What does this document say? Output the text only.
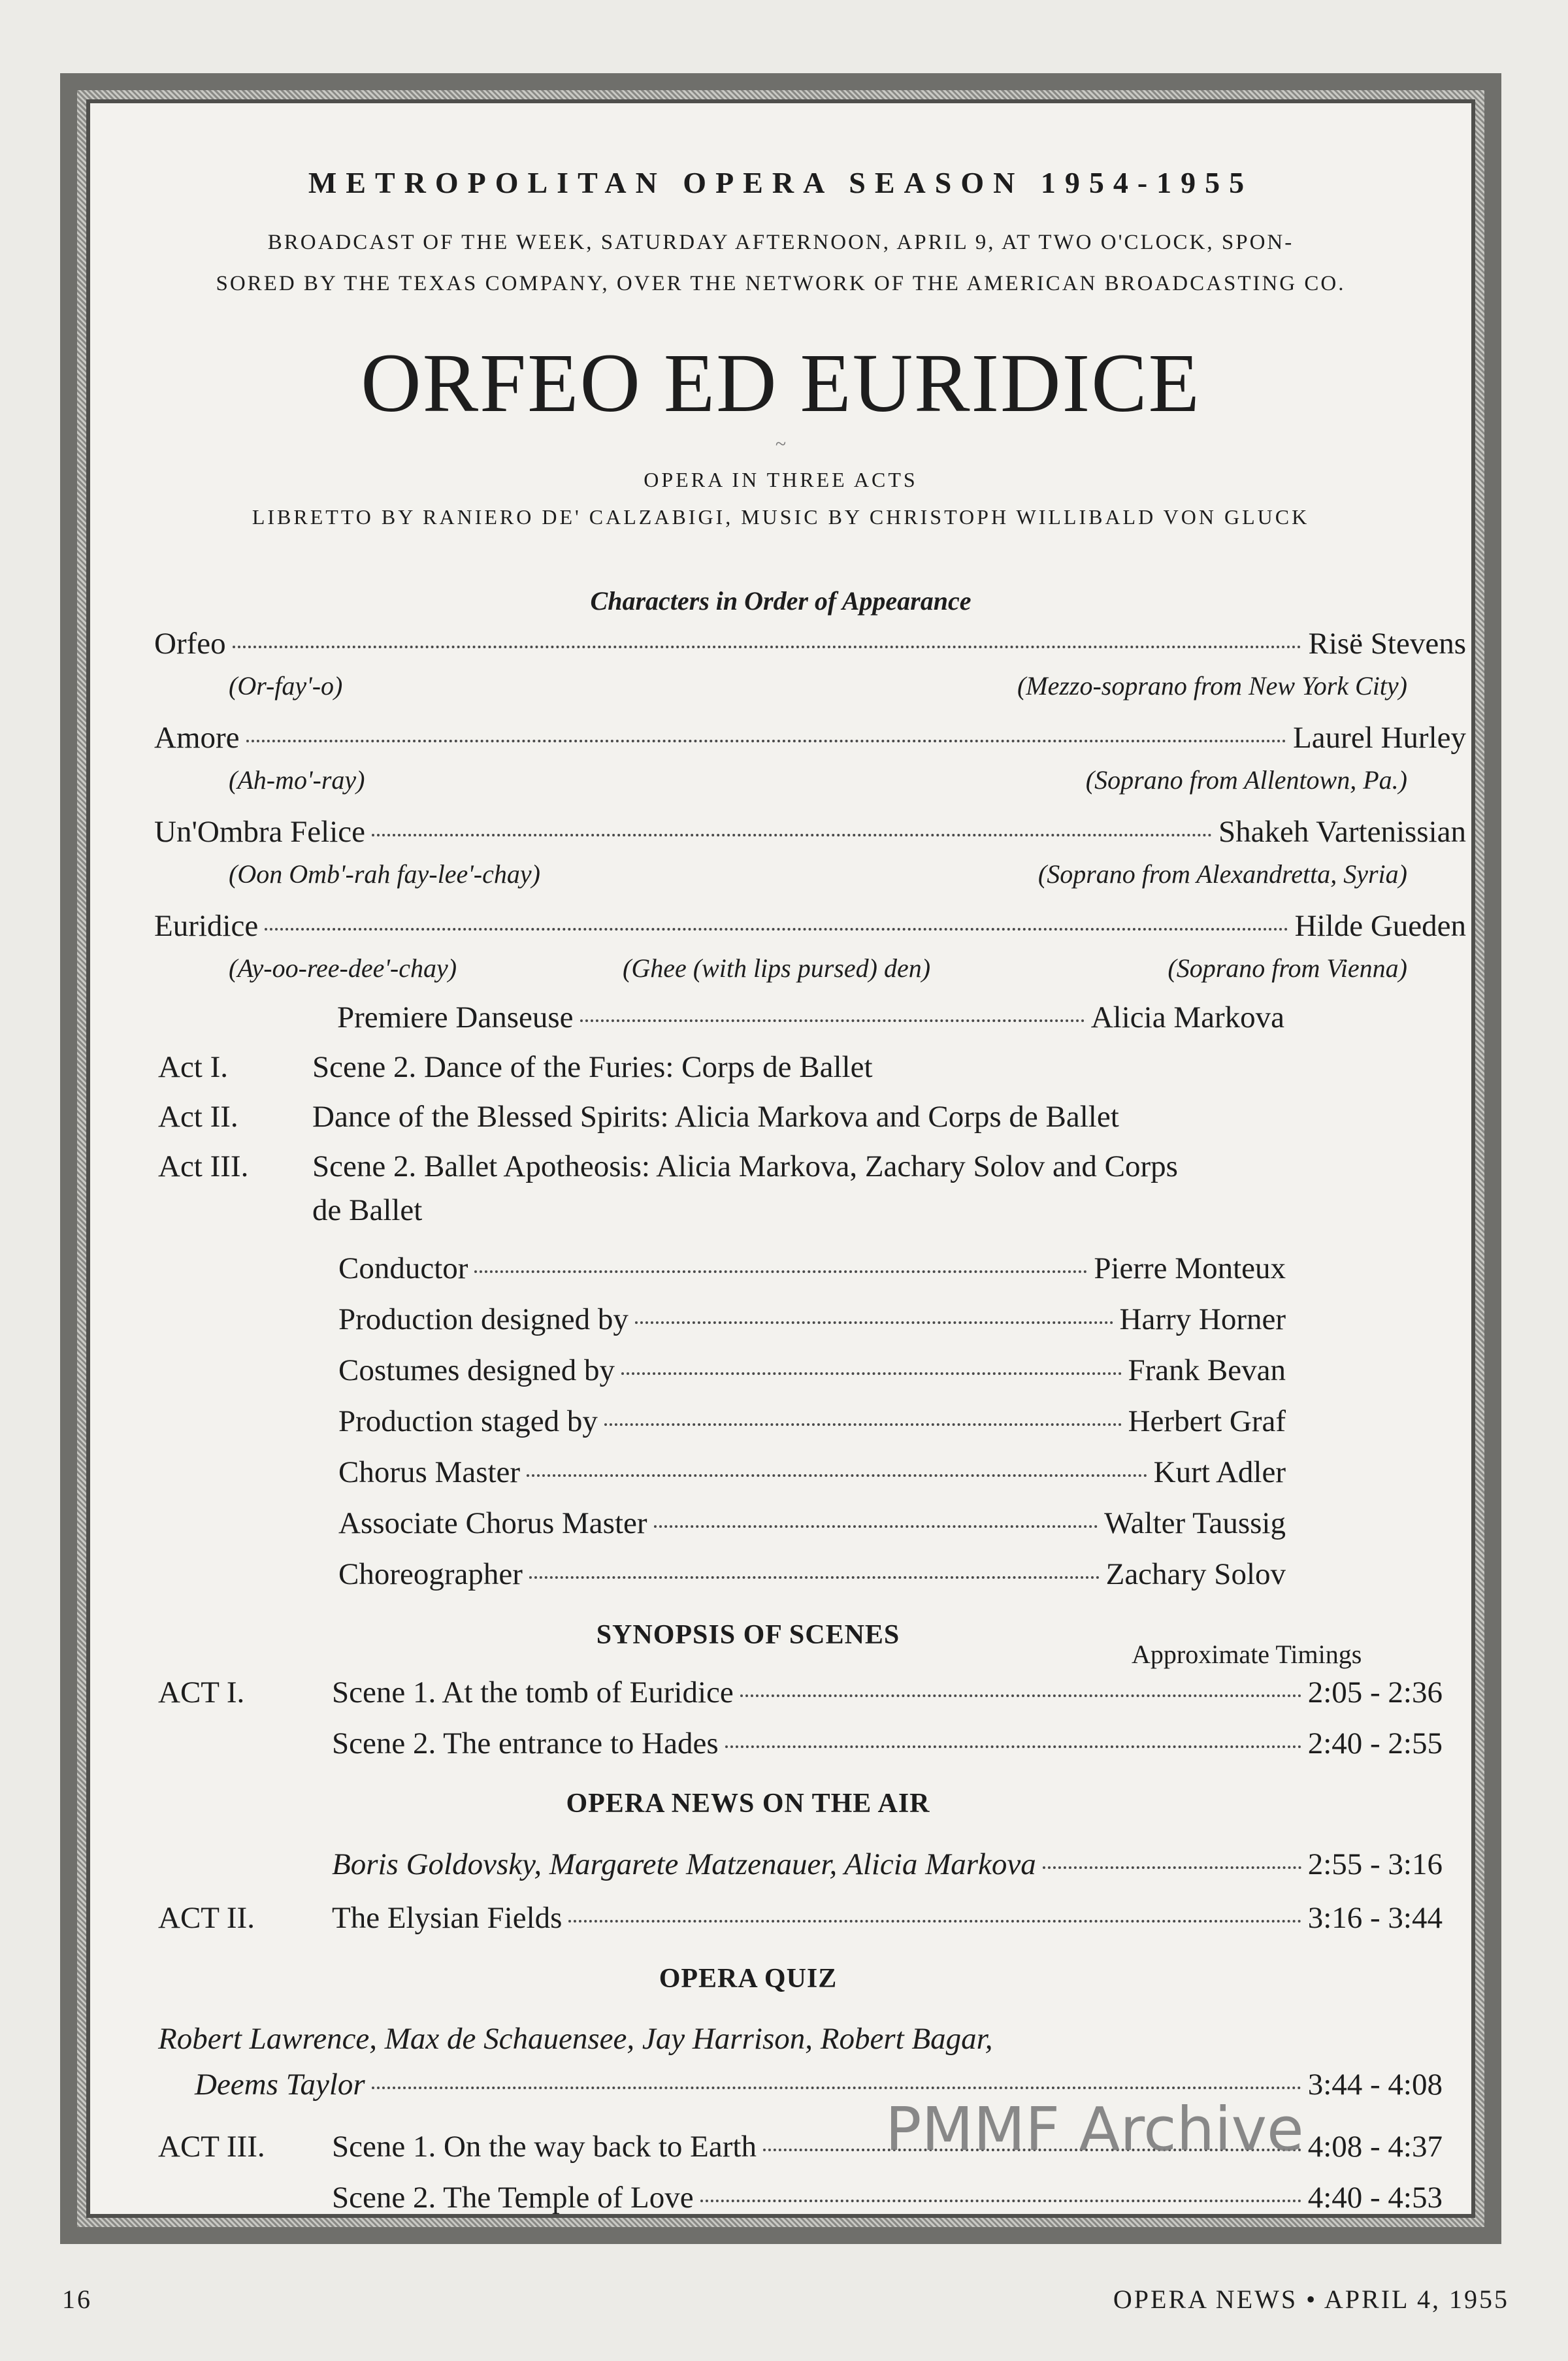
METROPOLITAN OPERA SEASON 1954-1955
BROADCAST OF THE WEEK, SATURDAY AFTERNOON, APRIL 9, AT TWO O'CLOCK, SPON-
SORED BY THE TEXAS COMPANY, OVER THE NETWORK OF THE AMERICAN BROADCASTING CO.
ORFEO ED EURIDICE
~
OPERA IN THREE ACTS
LIBRETTO BY RANIERO DE' CALZABIGI, MUSIC BY CHRISTOPH WILLIBALD VON GLUCK
Characters in Order of Appearance
Orfeo	Risë Stevens
(Or-fay'-o)	(Mezzo-soprano from New York City)
Amore	Laurel Hurley
(Ah-mo'-ray)	(Soprano from Allentown, Pa.)
Un'Ombra Felice	Shakeh Vartenissian
(Oon Omb'-rah fay-lee'-chay)	(Soprano from Alexandretta, Syria)
Euridice	Hilde Gueden
(Ay-oo-ree-dee'-chay)	(Ghee (with lips pursed) den)	(Soprano from Vienna)
Premiere Danseuse	Alicia Markova
Act I.	Scene 2. Dance of the Furies: Corps de Ballet
Act II. Dance of the Blessed Spirits: Alicia Markova and Corps de Ballet
Act III. Scene 2. Ballet Apotheosis: Alicia Markova, Zachary Solov and Corps
de Ballet
Conductor	Pierre Monteux
Production designed by	Harry Horner
Costumes designed by	Frank Bevan
Production staged by	Herbert Graf
Chorus Master	Kurt Adler
Associate Chorus Master	Walter Taussig
Choreographer	Zachary Solov
SYNOPSIS OF SCENES
Approximate Timings
ACT I.	Scene 1. At the tomb of Euridice	2:05 - 2:36
Scene 2. The entrance to Hades	2:40 - 2:55
OPERA NEWS ON THE AIR
Boris Goldovsky, Margarete Matzenauer, Alicia Markova	2:55 - 3:16
ACT II.	The Elysian Fields	3:16 - 3:44
OPERA QUIZ
Robert Lawrence, Max de Schauensee, Jay Harrison, Robert Bagar,
Deems Taylor	3:44 - 4:08
ACT III. Scene 1. On the way back to Earth	4:08 - 4:37
Scene 2. The Temple of Love	4:40 - 4:53
PMMF Archive
16	OPERA NEWS • APRIL 4, 1955
